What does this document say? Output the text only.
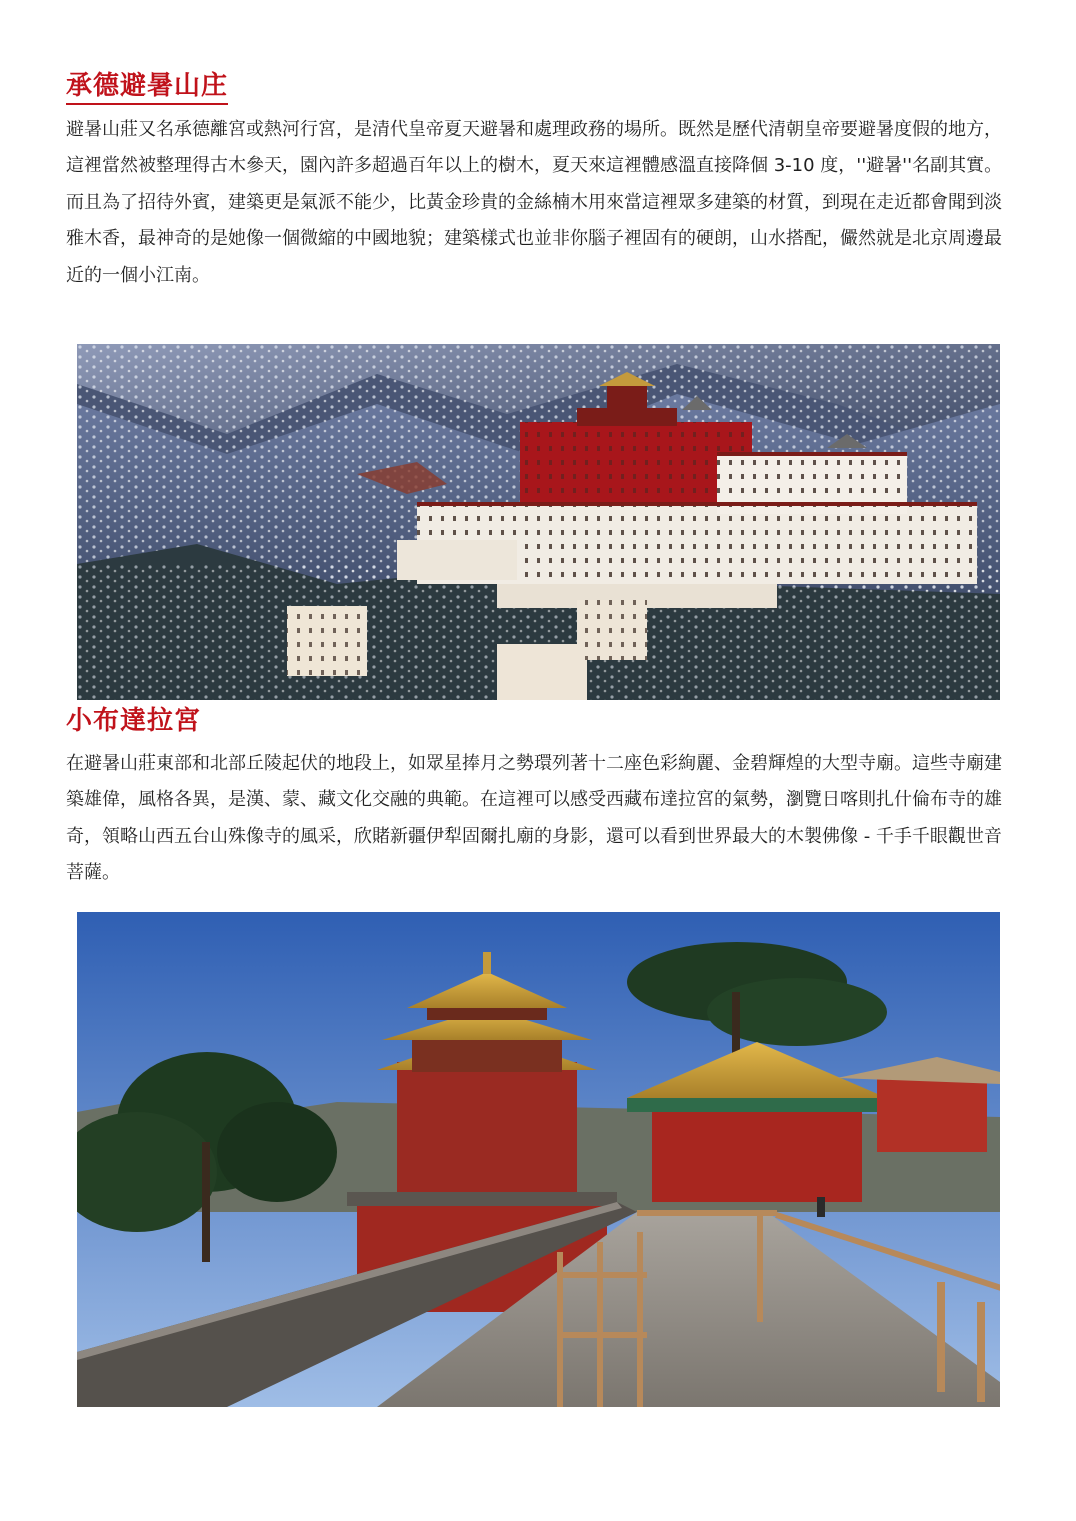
承德避暑山庄

避暑山莊又名承德離宮或熱河行宮，是清代皇帝夏天避暑和處理政務的場所。既然是歷代清朝皇帝要避暑度假的地方，這裡當然被整理得古木參天，園內許多超過百年以上的樹木，夏天來這裡體感溫直接降個 3-10 度，''避暑''名副其實。而且為了招待外賓，建築更是氣派不能少，比黃金珍貴的金絲楠木用來當這裡眾多建築的材質，到現在走近都會聞到淡雅木香，最神奇的是她像一個微縮的中國地貌；建築樣式也並非你腦子裡固有的硬朗，山水搭配，儼然就是北京周邊最近的一個小江南。

小布達拉宮

在避暑山莊東部和北部丘陵起伏的地段上，如眾星捧月之勢環列著十二座色彩絢麗、金碧輝煌的大型寺廟。這些寺廟建築雄偉，風格各異，是漢、蒙、藏文化交融的典範。在這裡可以感受西藏布達拉宮的氣勢，瀏覽日喀則扎什倫布寺的雄奇，領略山西五台山殊像寺的風采，欣賭新疆伊犁固爾扎廟的身影，還可以看到世界最大的木製佛像 - 千手千眼觀世音菩薩。
